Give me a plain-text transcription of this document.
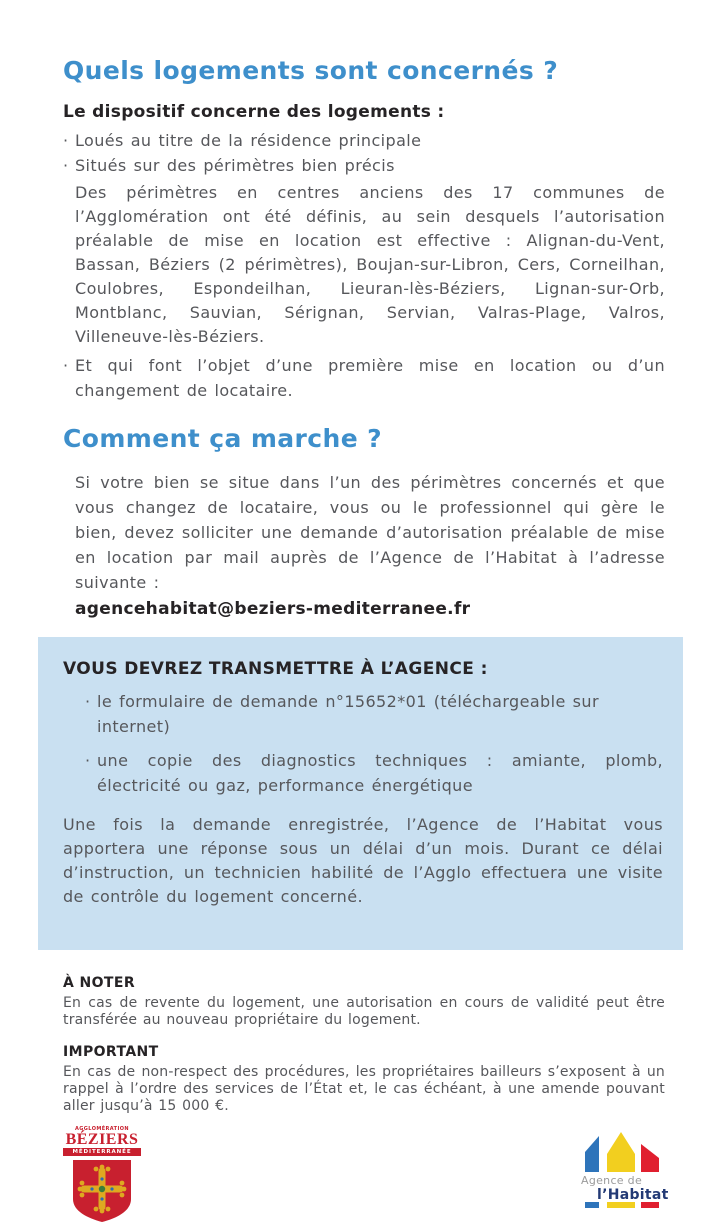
Quels logements sont concernés ?

Le dispositif concerne des logements :

· Loués au titre de la résidence principale
· Situés sur des périmètres bien précis

Des périmètres en centres anciens des 17 communes de l’Agglomération ont été définis, au sein desquels l’autorisation préalable de mise en location est effective : Alignan-du-Vent, Bassan, Béziers (2 périmètres), Boujan-sur-Libron, Cers, Corneilhan, Coulobres, Espondeilhan, Lieuran-lès-Béziers, Lignan-sur-Orb, Montblanc, Sauvian, Sérignan, Servian, Valras-Plage, Valros, Villeneuve-lès-Béziers.

· Et qui font l’objet d’une première mise en location ou d’un changement de locataire.
Comment ça marche ?

Si votre bien se situe dans l’un des périmètres concernés et que vous changez de locataire, vous ou le professionnel qui gère le bien, devez solliciter une demande d’autorisation préalable de mise en location par mail auprès de l’Agence de l’Habitat à l’adresse suivante :

agencehabitat@beziers-mediterranee.fr

VOUS DEVREZ TRANSMETTRE À L’AGENCE :

· le formulaire de demande n°15652*01 (téléchargeable sur internet)
· une copie des diagnostics techniques : amiante, plomb, électricité ou gaz, performance énergétique

Une fois la demande enregistrée, l’Agence de l’Habitat vous apportera une réponse sous un délai d’un mois. Durant ce délai d’instruction, un technicien habilité de l’Agglo effectuera une visite de contrôle du logement concerné.

À NOTER

En cas de revente du logement, une autorisation en cours de validité peut être transférée au nouveau propriétaire du logement.

IMPORTANT

En cas de non-respect des procédures, les propriétaires bailleurs s’exposent à un rappel à l’ordre des services de l’État et, le cas échéant, à une amende pouvant aller jusqu’à 15 000 €.

AGGLOMÉRATION
BÉZIERS
MÉDITERRANÉE
Agence de
l’Habitat
